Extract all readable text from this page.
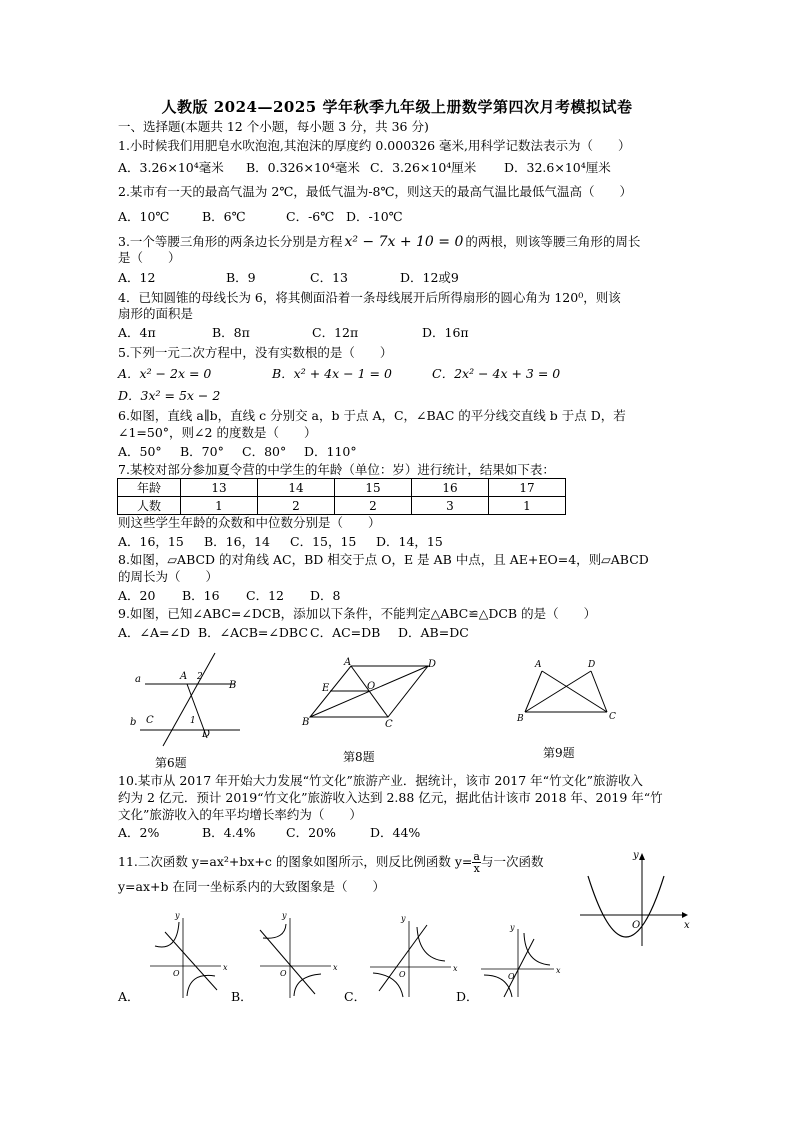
人教版 2024—2025 学年秋季九年级上册数学第四次月考模拟试卷
一、选择题(本题共 12 个小题，每小题 3 分，共 36 分)
1.小时候我们用肥皂水吹泡泡,其泡沫的厚度约 0.000326 毫米,用科学记数法表示为（　　）
A．3.26×10⁴毫米 B．0.326×10⁴毫米 C．3.26×10⁴厘米 D．32.6×10⁴厘米
2.某市有一天的最高气温为 2℃，最低气温为-8℃，则这天的最高气温比最低气温高（　　）
A．10℃	B．6℃	C．-6℃ D．-10℃
3.一个等腰三角形的两条边长分别是方程 x² − 7x + 10 = 0 的两根，则该等腰三角形的周长
是（　　）
A．12	B．9	C．13	D．12或9
4．已知圆锥的母线长为 6，将其侧面沿着一条母线展开后所得扇形的圆心角为 120⁰，则该
扇形的面积是
A．4π	B．8π	C．12π	D．16π
5.下列一元二次方程中，没有实数根的是（　　）
A．x² − 2x = 0	B．x² + 4x − 1 = 0	C．2x² − 4x + 3 = 0
D．3x² = 5x − 2
6.如图，直线 a∥b，直线 c 分别交 a，b 于点 A，C，∠BAC 的平分线交直线 b 于点 D，若
∠1=50°，则∠2 的度数是（　　）
A．50° B．70° C．80° D．110°
7.某校对部分参加夏令营的中学生的年龄（单位：岁）进行统计，结果如下表：
年龄	13	14	15	16	17
人数	1	2	2	3	1
则这些学生年龄的众数和中位数分别是（　　）
A．16，15 B．16，14 C．15，15 D．14，15
8.如图，▱ABCD 的对角线 AC，BD 相交于点 O，E 是 AB 中点，且 AE+EO=4，则▱ABCD
的周长为（　　）
A．20 B．16 C．12 D．8
9.如图，已知∠ABC=∠DCB，添加以下条件，不能判定△ABC≌△DCB 的是（　　）
A．∠A=∠D B．∠ACB=∠DBC C．AC=DB D．AB=DC
a
b
A
B
C
D
1
2
第6题
A
B	C
D
E	O
第8题
A
B	C
D
第9题
10.某市从 2017 年开始大力发展“竹文化”旅游产业．据统计，该市 2017 年“竹文化”旅游收入
约为 2 亿元．预计 2019“竹文化”旅游收入达到 2.88 亿元，据此估计该市 2018 年、2019 年“竹
文化”旅游收入的年平均增长率约为（　　）
A．2%	B．4.4% C．20%	D．44%
11.二次函数 y=ax²+bx+c 的图象如图所示，则反比例函数 $y= \frac{a}{x}$ 与一次函数
y=ax+b 在同一坐标系内的大致图象是（　　）
x
y
O
x
y
O
A．
x
y
O
B．
x
y
O
C．
x
y
O
D．
